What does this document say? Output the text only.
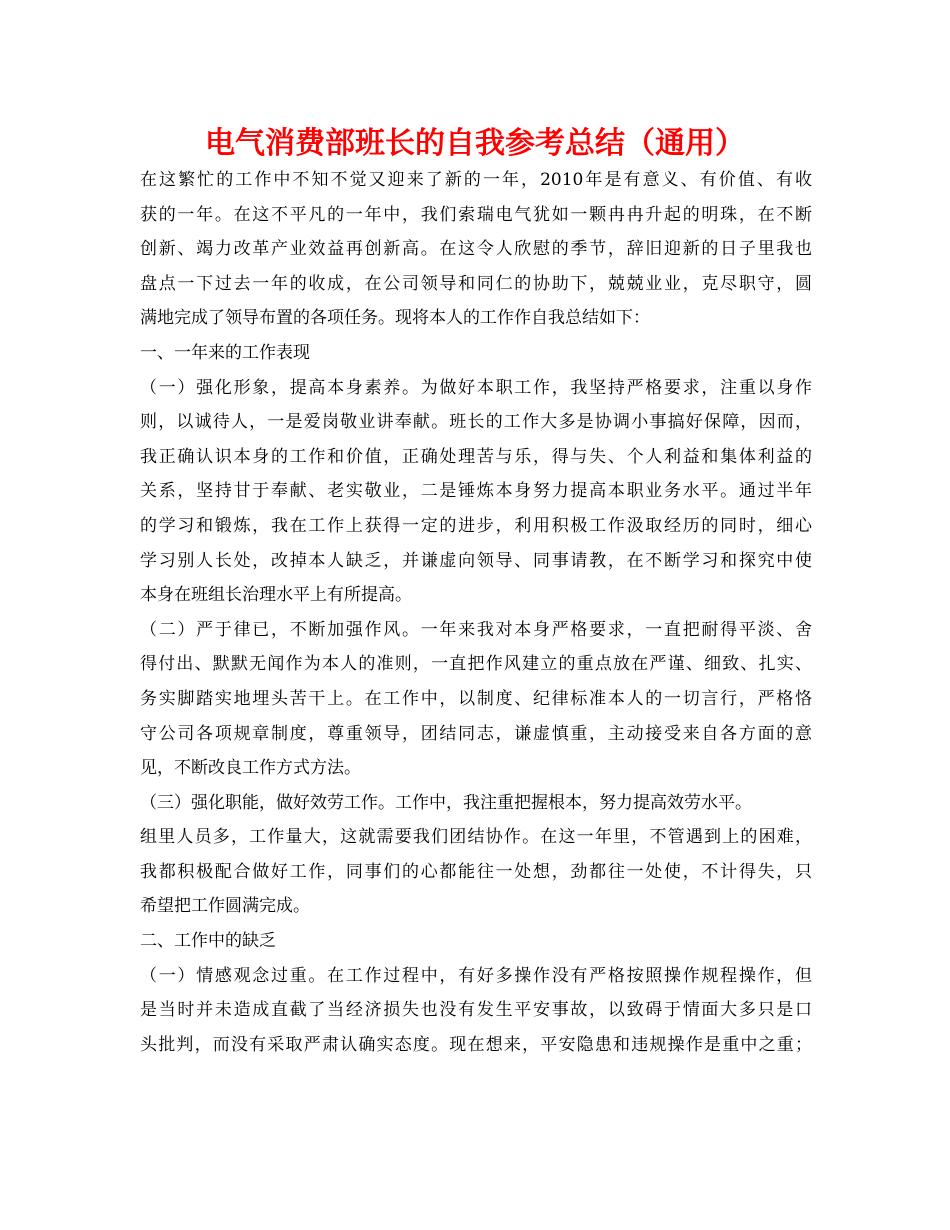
电气消费部班长的自我参考总结（通用）
在这繁忙的工作中不知不觉又迎来了新的一年，2010年是有意义、有价值、有收
获的一年。在这不平凡的一年中，我们索瑞电气犹如一颗冉冉升起的明珠，在不断
创新、竭力改革产业效益再创新高。在这令人欣慰的季节，辞旧迎新的日子里我也
盘点一下过去一年的收成，在公司领导和同仁的协助下，兢兢业业，克尽职守，圆
满地完成了领导布置的各项任务。现将本人的工作作自我总结如下：
一、一年来的工作表现
（一）强化形象，提高本身素养。为做好本职工作，我坚持严格要求，注重以身作
则，以诚待人，一是爱岗敬业讲奉献。班长的工作大多是协调小事搞好保障，因而，
我正确认识本身的工作和价值，正确处理苦与乐，得与失、个人利益和集体利益的
关系，坚持甘于奉献、老实敬业，二是锤炼本身努力提高本职业务水平。通过半年
的学习和锻炼，我在工作上获得一定的进步，利用积极工作汲取经历的同时，细心
学习别人长处，改掉本人缺乏，并谦虚向领导、同事请教，在不断学习和探究中使
本身在班组长治理水平上有所提高。
（二）严于律已，不断加强作风。一年来我对本身严格要求，一直把耐得平淡、舍
得付出、默默无闻作为本人的准则，一直把作风建立的重点放在严谨、细致、扎实、
务实脚踏实地埋头苦干上。在工作中，以制度、纪律标准本人的一切言行，严格恪
守公司各项规章制度，尊重领导，团结同志，谦虚慎重，主动接受来自各方面的意
见，不断改良工作方式方法。
（三）强化职能，做好效劳工作。工作中，我注重把握根本，努力提高效劳水平。
组里人员多，工作量大，这就需要我们团结协作。在这一年里，不管遇到上的困难，
我都积极配合做好工作，同事们的心都能往一处想，劲都往一处使，不计得失，只
希望把工作圆满完成。
二、工作中的缺乏
（一）情感观念过重。在工作过程中，有好多操作没有严格按照操作规程操作，但
是当时并未造成直截了当经济损失也没有发生平安事故，以致碍于情面大多只是口
头批判，而没有采取严肃认确实态度。现在想来，平安隐患和违规操作是重中之重；
